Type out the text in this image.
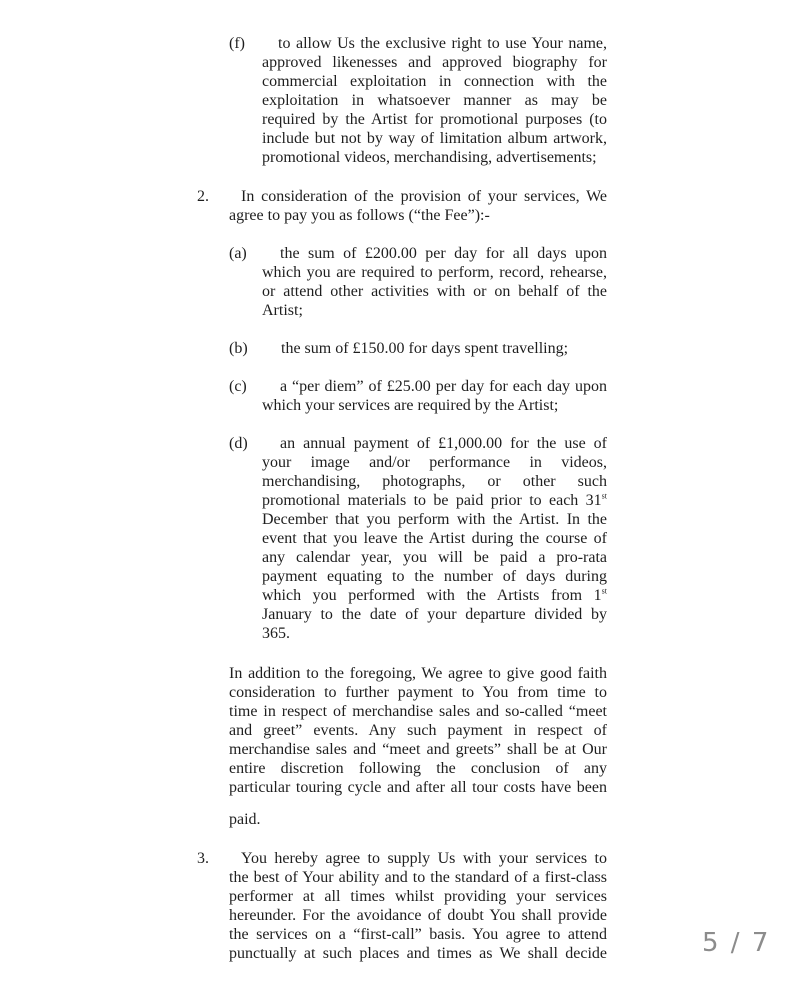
(f)	to allow Us the exclusive right to use Your name,
approved likenesses and approved biography for
commercial exploitation in connection with the
exploitation in whatsoever manner as may be
required by the Artist for promotional purposes (to
include but not by way of limitation album artwork,
promotional videos, merchandising, advertisements;
2.	In consideration of the provision of your services, We
agree to pay you as follows (“the Fee”):-
(a)	the sum of £200.00 per day for all days upon
which you are required to perform, record, rehearse,
or attend other activities with or on behalf of the
Artist;
(b) the sum of £150.00 for days spent travelling;
(c)	a “per diem” of £25.00 per day for each day upon
which your services are required by the Artist;
(d)	an annual payment of £1,000.00 for the use of
your image and/or performance in videos,
merchandising, photographs, or other such
promotional materials to be paid prior to each 31st
December that you perform with the Artist. In the
event that you leave the Artist during the course of
any calendar year, you will be paid a pro-rata
payment equating to the number of days during
which you performed with the Artists from 1st
January to the date of your departure divided by
365.
In addition to the foregoing, We agree to give good faith
consideration to further payment to You from time to
time in respect of merchandise sales and so-called “meet
and greet” events. Any such payment in respect of
merchandise sales and “meet and greets” shall be at Our
entire discretion following the conclusion of any
particular touring cycle and after all tour costs have been
paid.
3.	You hereby agree to supply Us with your services to
the best of Your ability and to the standard of a first-class
performer at all times whilst providing your services
hereunder. For the avoidance of doubt You shall provide
the services on a “first-call” basis. You agree to attend
punctually at such places and times as We shall decide	5 / 7
